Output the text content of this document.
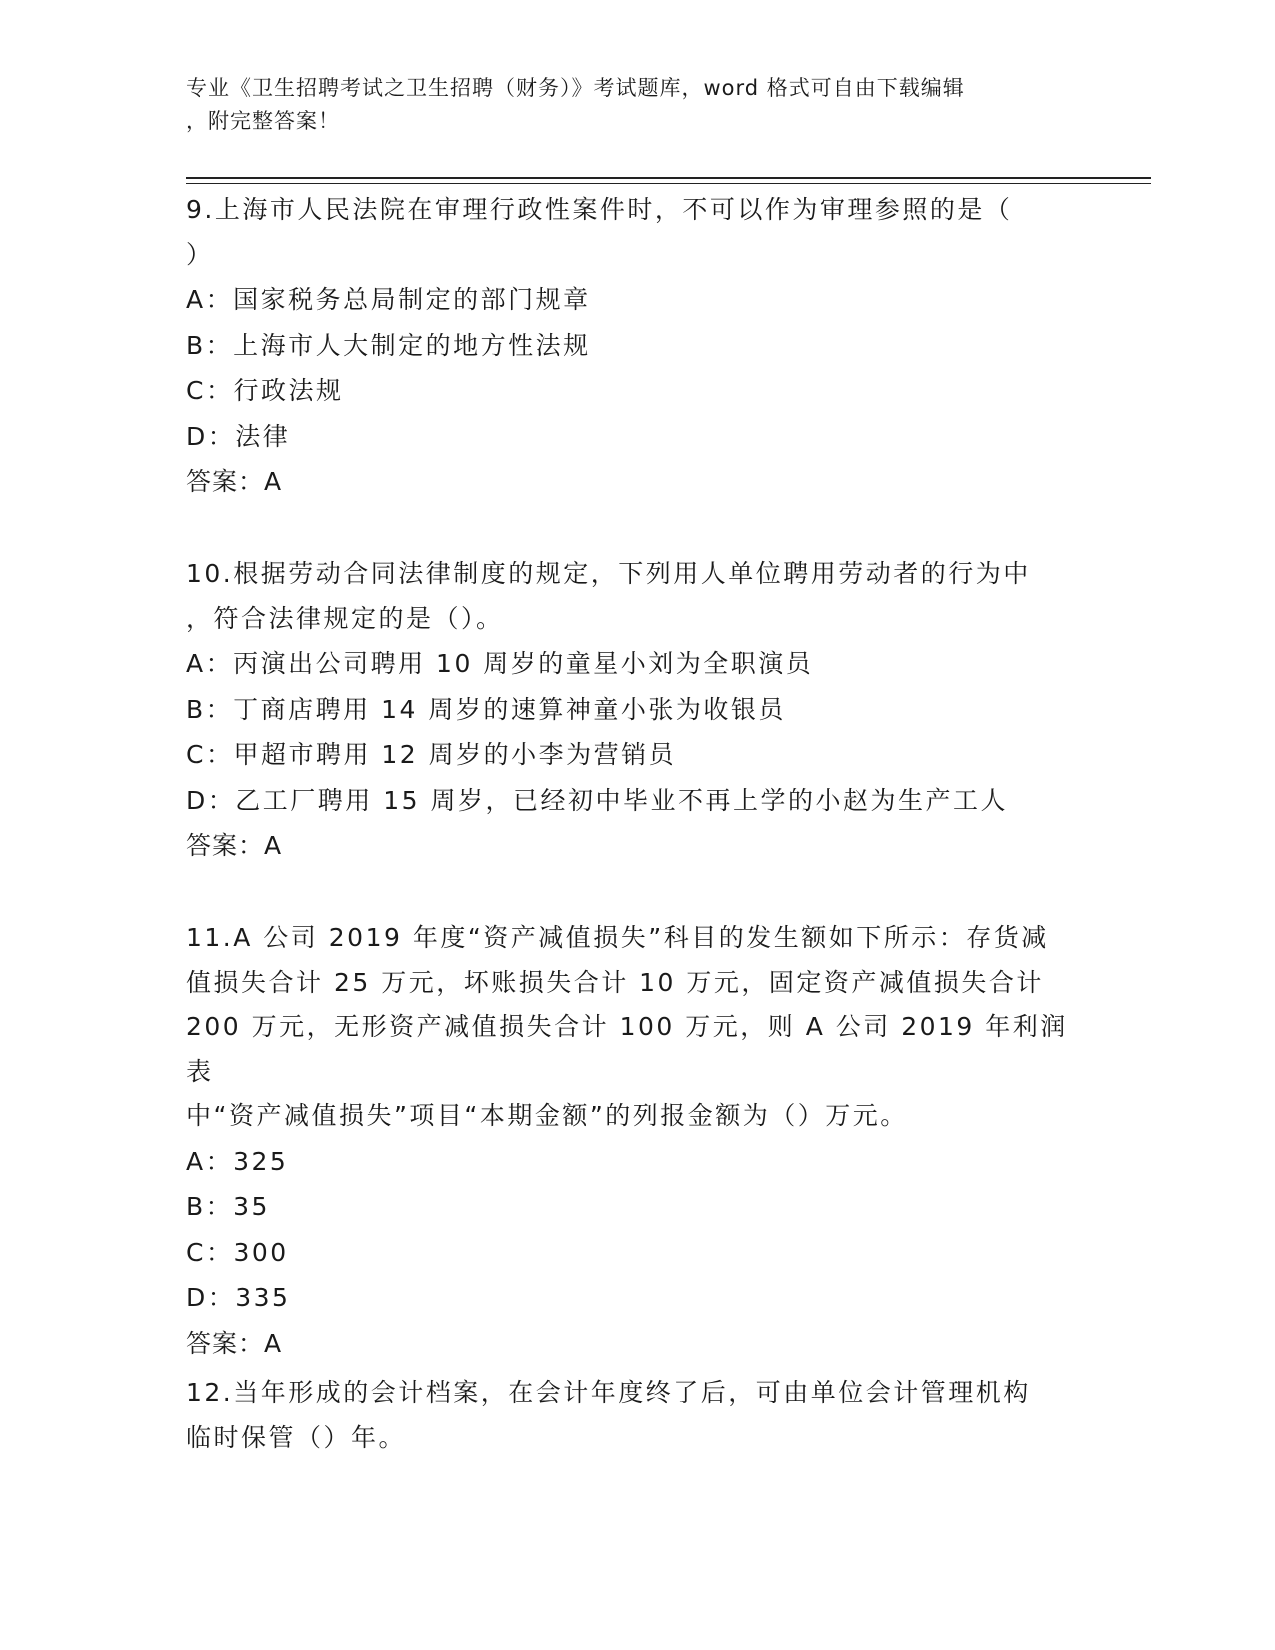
专业《卫生招聘考试之卫生招聘（财务）》考试题库，word 格式可自由下载编辑
，附完整答案！
9.上海市人民法院在审理行政性案件时，不可以作为审理参照的是（
）
A：国家税务总局制定的部门规章
B：上海市人大制定的地方性法规
C：行政法规
D：法律
答案：A
10.根据劳动合同法律制度的规定，下列用人单位聘用劳动者的行为中
，符合法律规定的是（）。
A：丙演出公司聘用 10 周岁的童星小刘为全职演员
B：丁商店聘用 14 周岁的速算神童小张为收银员
C：甲超市聘用 12 周岁的小李为营销员
D：乙工厂聘用 15 周岁，已经初中毕业不再上学的小赵为生产工人
答案：A
11.A 公司 2019 年度“资产减值损失”科目的发生额如下所示：存货减
值损失合计 25 万元，坏账损失合计 10 万元，固定资产减值损失合计
200 万元，无形资产减值损失合计 100 万元，则 A 公司 2019 年利润表
中“资产减值损失”项目“本期金额”的列报金额为（）万元。
A：325
B：35
C：300
D：335
答案：A
12.当年形成的会计档案，在会计年度终了后，可由单位会计管理机构
临时保管（）年。
